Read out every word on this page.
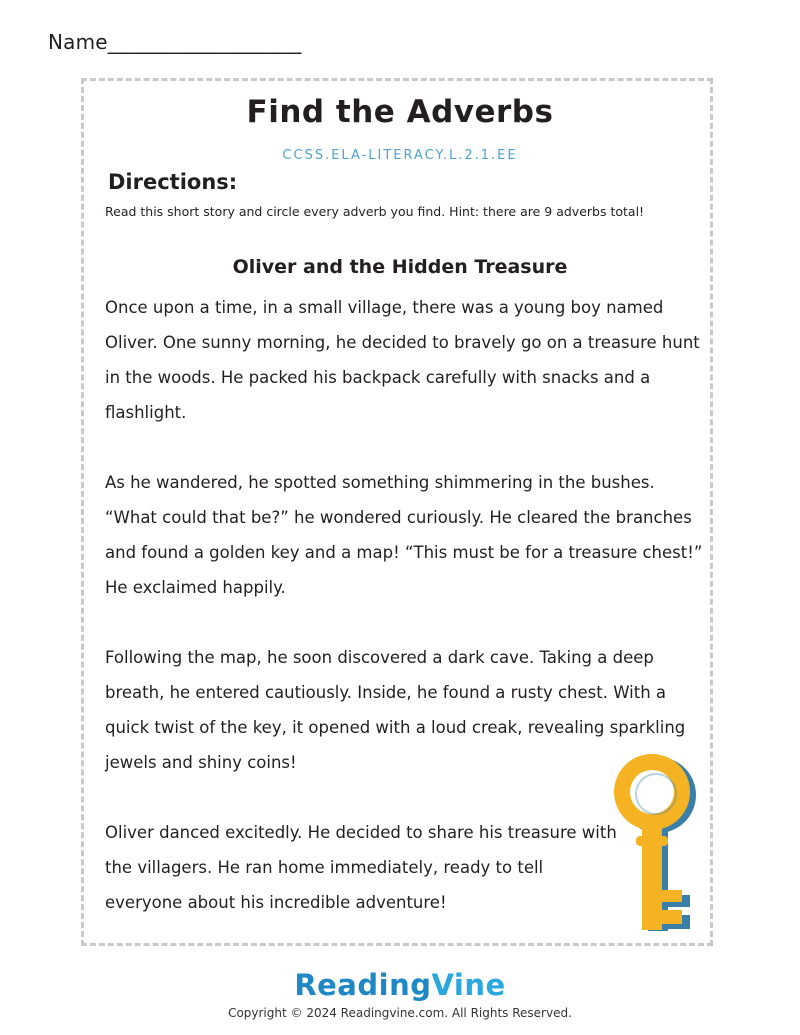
Name___________________
Find the Adverbs
CCSS.ELA-LITERACY.L.2.1.EE
Directions:
Read this short story and circle every adverb you find. Hint: there are 9 adverbs total!
Oliver and the Hidden Treasure

Once upon a time, in a small village, there was a young boy named Oliver. One sunny morning, he decided to bravely go on a treasure hunt in the woods. He packed his backpack carefully with snacks and a flashlight.

As he wandered, he spotted something shimmering in the bushes. “What could that be?” he wondered curiously. He cleared the branches and found a golden key and a map! “This must be for a treasure chest!” He exclaimed happily.

Following the map, he soon discovered a dark cave. Taking a deep breath, he entered cautiously. Inside, he found a rusty chest. With a quick twist of the key, it opened with a loud creak, revealing sparkling jewels and shiny coins!

Oliver danced excitedly. He decided to share his treasure with the villagers. He ran home immediately, ready to tell everyone about his incredible adventure!

ReadingVine
Copyright © 2024 Readingvine.com. All Rights Reserved.
